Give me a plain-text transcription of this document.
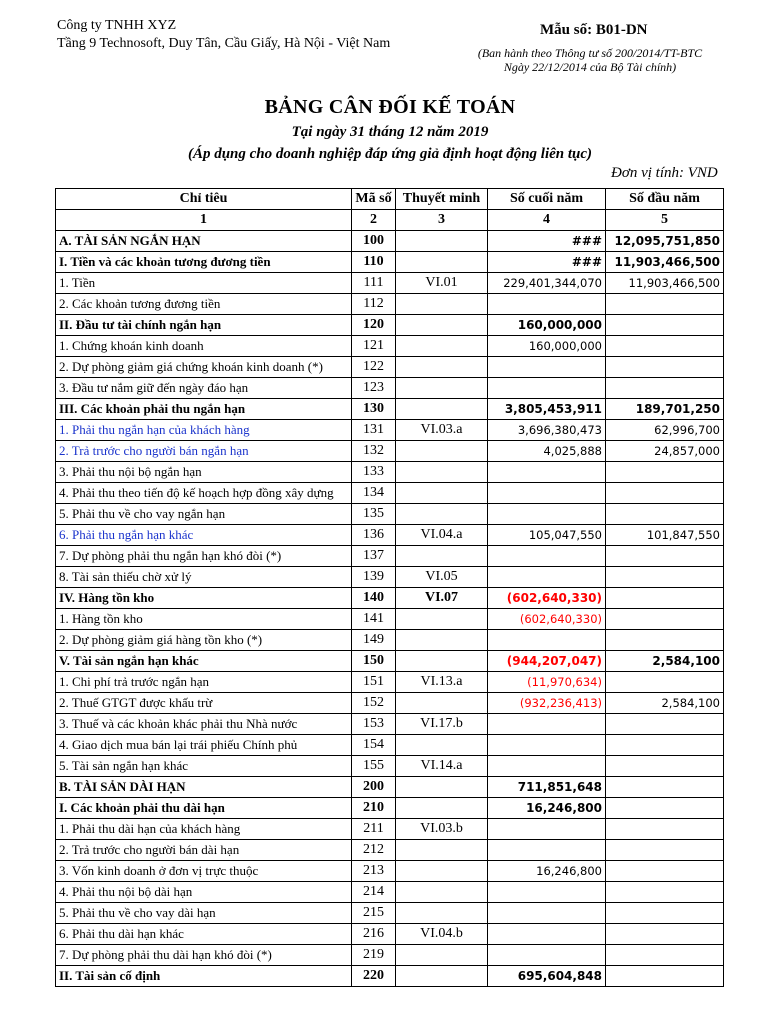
Công ty TNHH XYZ
Tầng 9 Technosoft, Duy Tân, Cầu Giấy, Hà Nội - Việt Nam
Mẫu số: B01-DN
(Ban hành theo Thông tư số 200/2014/TT-BTC
Ngày 22/12/2014 của Bộ Tài chính)
BẢNG CÂN ĐỐI KẾ TOÁN
Tại ngày 31 tháng 12 năm 2019
(Áp dụng cho doanh nghiệp đáp ứng giả định hoạt động liên tục)
Đơn vị tính: VND
Chỉ tiêu	Mã số	Thuyết minh	Số cuối năm	Số đầu năm
1	2	3	4	5
A. TÀI SẢN NGẮN HẠN	100		###	12,095,751,850
I. Tiền và các khoản tương đương tiền	110		###	11,903,466,500
1. Tiền	111	VI.01	229,401,344,070	11,903,466,500
2. Các khoản tương đương tiền	112			
II. Đầu tư tài chính ngắn hạn	120		160,000,000	
1. Chứng khoán kinh doanh	121		160,000,000	
2. Dự phòng giảm giá chứng khoán kinh doanh (*)	122			
3. Đầu tư nắm giữ đến ngày đáo hạn	123			
III. Các khoản phải thu ngắn hạn	130		3,805,453,911	189,701,250
1. Phải thu ngắn hạn của khách hàng	131	VI.03.a	3,696,380,473	62,996,700
2. Trả trước cho người bán ngắn hạn	132		4,025,888	24,857,000
3. Phải thu nội bộ ngắn hạn	133			
4. Phải thu theo tiến độ kế hoạch hợp đồng xây dựng	134			
5. Phải thu về cho vay ngắn hạn	135			
6. Phải thu ngắn hạn khác	136	VI.04.a	105,047,550	101,847,550
7. Dự phòng phải thu ngắn hạn khó đòi (*)	137			
8. Tài sản thiếu chờ xử lý	139	VI.05		
IV. Hàng tồn kho	140	VI.07	(602,640,330)	
1. Hàng tồn kho	141		(602,640,330)	
2. Dự phòng giảm giá hàng tồn kho (*)	149			
V. Tài sản ngắn hạn khác	150		(944,207,047)	2,584,100
1. Chi phí trả trước ngắn hạn	151	VI.13.a	(11,970,634)	
2. Thuế GTGT được khấu trừ	152		(932,236,413)	2,584,100
3. Thuế và các khoản khác phải thu Nhà nước	153	VI.17.b		
4. Giao dịch mua bán lại trái phiếu Chính phủ	154			
5. Tài sản ngắn hạn khác	155	VI.14.a		
B. TÀI SẢN DÀI HẠN	200		711,851,648	
I. Các khoản phải thu dài hạn	210		16,246,800	
1. Phải thu dài hạn của khách hàng	211	VI.03.b		
2. Trả trước cho người bán dài hạn	212			
3. Vốn kinh doanh ở đơn vị trực thuộc	213		16,246,800	
4. Phải thu nội bộ dài hạn	214			
5. Phải thu về cho vay dài hạn	215			
6. Phải thu dài hạn khác	216	VI.04.b		
7. Dự phòng phải thu dài hạn khó đòi (*)	219			
II. Tài sản cố định	220		695,604,848	
